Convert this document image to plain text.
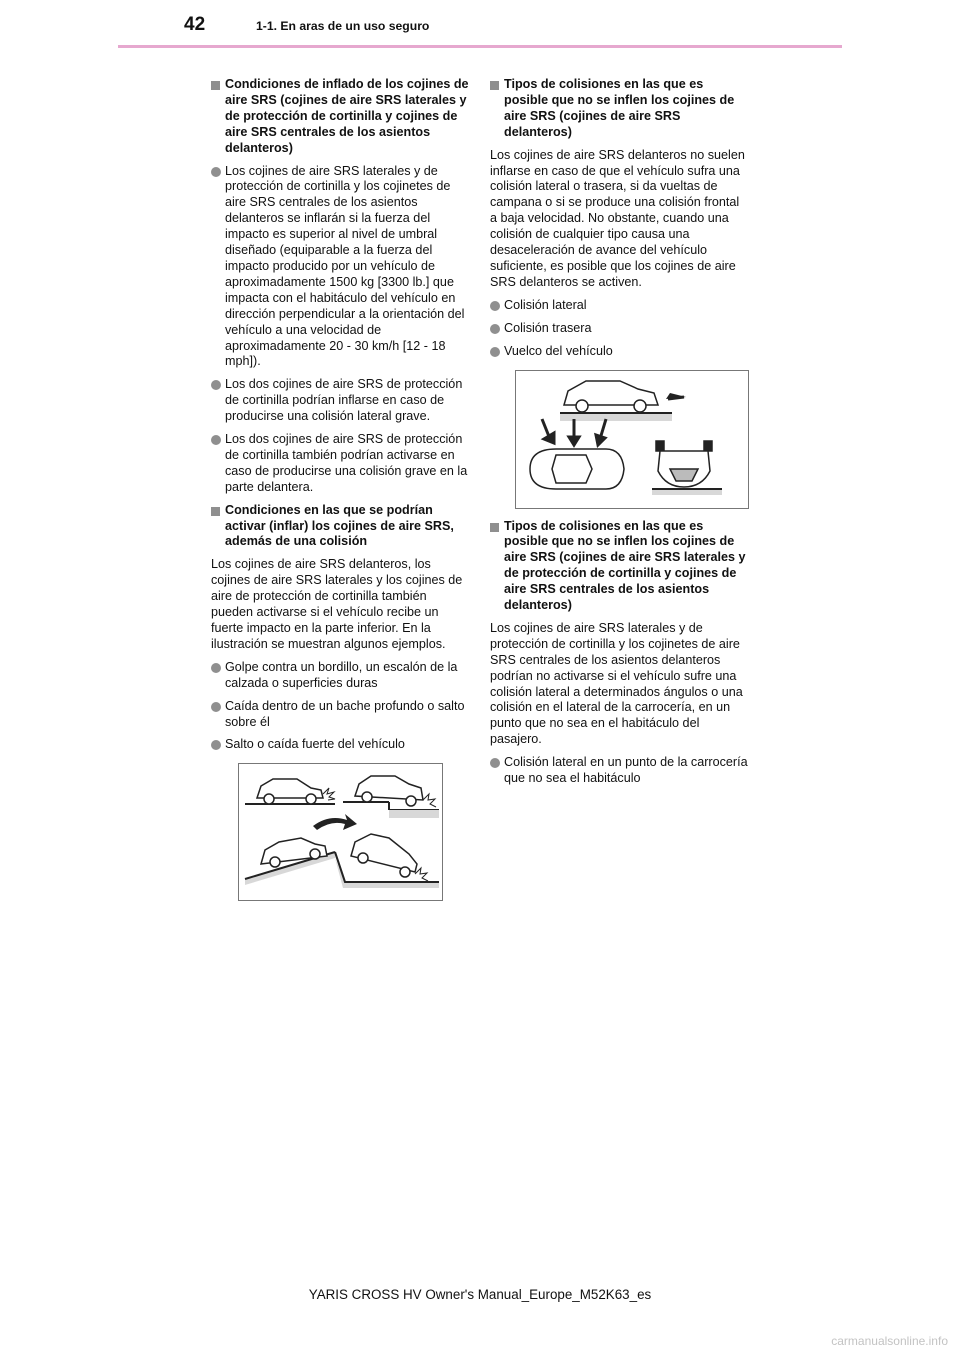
42	1-1. En aras de un uso seguro
Condiciones de inflado de los cojines de aire SRS (cojines de aire SRS laterales y de protección de cortinilla y cojines de aire SRS centrales de los asientos delanteros)
Los cojines de aire SRS laterales y de protección de cortinilla y los cojinetes de aire SRS centrales de los asientos delanteros se inflarán si la fuerza del impacto es superior al nivel de umbral diseñado (equiparable a la fuerza del impacto producido por un vehículo de aproximadamente 1500 kg [3300 lb.] que impacta con el habitáculo del vehículo en dirección perpendicular a la orientación del vehículo a una velocidad de aproximadamente 20 - 30 km/h [12 - 18 mph]).
Los dos cojines de aire SRS de protección de cortinilla podrían inflarse en caso de producirse una colisión lateral grave.
Los dos cojines de aire SRS de protección de cortinilla también podrían activarse en caso de producirse una colisión grave en la parte delantera.
Condiciones en las que se podrían activar (inflar) los cojines de aire SRS, además de una colisión
Los cojines de aire SRS delanteros, los cojines de aire SRS laterales y los cojines de aire de protección de cortinilla también pueden activarse si el vehículo recibe un fuerte impacto en la parte inferior. En la ilustración se muestran algunos ejemplos.
Golpe contra un bordillo, un escalón de la calzada o superficies duras
Caída dentro de un bache profundo o salto sobre él
Salto o caída fuerte del vehículo
Tipos de colisiones en las que es posible que no se inflen los cojines de aire SRS (cojines de aire SRS delanteros)
Los cojines de aire SRS delanteros no suelen inflarse en caso de que el vehículo sufra una colisión lateral o trasera, si da vueltas de campana o si se produce una colisión frontal a baja velocidad. No obstante, cuando una colisión de cualquier tipo causa una desaceleración de avance del vehículo suficiente, es posible que los cojines de aire SRS delanteros se activen.
Colisión lateral
Colisión trasera
Vuelco del vehículo
Tipos de colisiones en las que es posible que no se inflen los cojines de aire SRS (cojines de aire SRS laterales y de protección de cortinilla y cojines de aire SRS centrales de los asientos delanteros)
Los cojines de aire SRS laterales y de protección de cortinilla y los cojinetes de aire SRS centrales de los asientos delanteros podrían no activarse si el vehículo sufre una colisión lateral a determinados ángulos o una colisión en el lateral de la carrocería, en un punto que no sea en el habitáculo del pasajero.
Colisión lateral en un punto de la carrocería que no sea el habitáculo
YARIS CROSS HV Owner's Manual_Europe_M52K63_es
carmanualsonline.info
